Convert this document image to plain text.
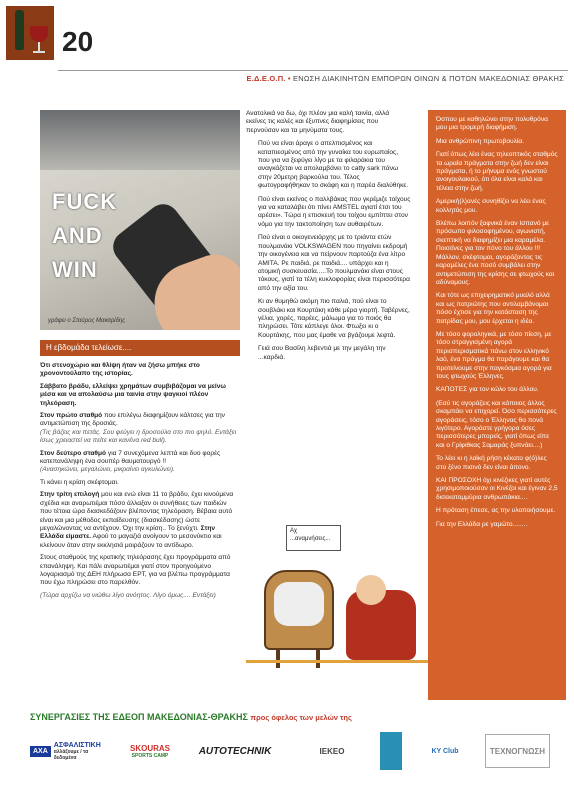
20
Ε.Δ.Ε.Ο.Π. • ΕΝΩΣΗ ΔΙΑΚΙΝΗΤΩΝ ΕΜΠΟΡΩΝ ΟΙΝΩΝ & ΠΟΤΩΝ ΜΑΚΕΔΟΝΙΑΣ ΘΡΑΚΗΣ
FUCK
AND
WIN
γράφει ο Σταύρος Μακαρίδης
Η εβδομάδα τελείωσε....

Ότι στενοχώριο και θλίψη ήταν να ζήσω μπήκε στο χρονοντούλαπο της ιστορίας.

Σάββατο βράδυ, ελλείψει χρημάτων συμβιβάζομαι να μείνω μέσα και να απολαύσω μια ταινία στην ψαγκιοί πλέον τηλεόραση.

Στον πρώτο σταθμό που επιλέγω διαφημίζουν κάλτσες για την αντιμετώπιση της δροσιάς.
(Τις βάζεις και πετάς. Σου φεύγει η δροσούλα στο πιο ψηλό. Εντάξει ίσως χρειαστεί να πείτε και κανένα red bull).

Στον δεύτερο σταθμό για 7 συνεχόμενα λεπτά και δυο φορές κατεπανάληψη ένα σουπέρ θαυματουργό !!
(Ανασηκώνει, μεγαλώνει, μικραίνει αγκυλώνει).

Τι κάνει η κρίση σκέφτομαι.

Στην τρίτη επιλογή μου και ενώ είναι 11 το βράδυ, έχει κινούμενα σχέδια και αναρωτιέμαι πόσο άλλαξαν οι συνήθειες των παιδιών που τέτοια ώρα διασκεδάζουν βλέποντας τηλεόραση. Βέβαια αυτό είναι και μια μέθοδος εκπαίδευσης (διασκέδασης) ώστε μεγαλώνοντας να αντέχουν. Όχι την κρίση.. Το ξενύχτι. Στην Ελλάδα είμαστε. Αφού το μαγαζιά ανοίγουν το μεσονύκτιο και κλείνουν όταν στην εκκλησιά μοιράζουν το αντίδωρο.

Στους σταθμούς της κρατικής τηλεόρασης έχει προγράμματα από επανάληψη. Και πάλι αναρωτιέμαι γιατί στον προηγούμενο λογαριασμό της ΔΕΗ πλήρωσα ΕΡΤ, για να βλέπω προγράμματα που έχω πληρώσει στο παρελθόν.

(Τώρα αρχίζω να νιώθω λίγο ανόητος. Λίγο όμως.... Εντάξει)

Ανατολικά να δω, όχι πλέον μια καλή ταινία, αλλά εκείνες τις καλές και έξυπνες διαφημίσεις που περνούσαν και τα μηνύματα τους.

Πού να είναι άραγε ο απελπισμένος και καταπιεσμένος από την γυναίκα του ευρωπαίος, που για να ξεφύγει λίγο με τα φιλαράκια του αναγκάζεται να απολαμβάνει το catty sark πάνω στην 20μετρη βαρκούλα του. Τέλος φωτογραφήθηκαν το σκάφη και η παρέα διαλύθηκε.

Πού είναι εκείνος ο παλλβάκας που γκρέμιζε τοίχους για να καταλάβει ότι πίνει AMSTEL αγιατί έτσι του αρέσει». Τώρα η επισκευή του τοίχου εμπίπτει στον νόμο για την τακτοποίηση των αυθαιρέτων.

Πού είναι ο οικογενειάρχης με το τριάντα ετών πουλμανάκι VOLKSWAGEN που πηγαίνει εκδρομή την οικογένεια και να πείρνουν παρτούζα ένα λίτρο AMITA. Ρε παιδιά, ρε παιδιά.... υπάρχει και η ατομική συσκευασία.....Το πουλμανάκι είναι στους τόκους, γιατί τα τέλη κυκλοφορίας είναι περισσότερα από την αξία του.

Κι αν θυμηθώ ακόμη πιο παλιά, πού είναι το σουβλάκι και Κουρτάκη κάθε μέρα γιορτή. Ταβέρνες, γέλια, χορές, παρέες, μάλωμα για το ποιός θα πληρώσει. Τότε κάπλεγε όλοι. Φτωξει κι ο Κουρτάκης, που μας έμαθε να βγάζουμε λεφτά.

Γειά σου Βασίλη λεβεντιά με την μεγάλη την ...καρδιά.

Αχ ...αναμνήσεις...

Όσπου με καθηλώνει στην πολυθρόνα μου μια τρομερή διαφήμιση.

Μια ανθρώπινη πρωτοβουλία.

Γιατί όπως λέει ένας τηλεοπτικός σταθμός τα ωραία πράγματα στην ζωή δεν είναι πράγματα, ή το μήνυμα ενός γνωστού ανοιγουλακιού, ότι όλα είναι καλά και τέλεια στην ζωή.

Αμερική(λ)ανές συνηθίζει να λέει ένας κολλητός μου.

Βλέπω λοιπόν ξαφνικά έναν Ισπανό με πρόσωπο φιλοσοφημένου, αγωνιστή, σκεπτική να διαφημίζει μια καραμέλα. Ποιοτίνες για τον πόνο του άλλου !!! Μάλλον, σκέφτομαι, αγοράζοντας τις καραμέλες ένα ποσό συμβάλει στην αντιμετώπιση της κρίσης σε φτωχούς και αδύναμους.

Και τότε ως επιχειρηματικό μυαλό αλλά και ως πατριώτης που αντιλαμβάνομαι πόσο έχτισε για την κατάσταση της πατρίδας μου, μου έρχεται η ιδέα.

Με τόσο φοροληγικά, με τόσο πίεση, με τόσο στραγγισμένη αγορά περισπερισματικά πάνω στον ελληνικό λαό, ένα πράγμα θα παράγουμε και θα προτείνουμε στην παγκόσμια αγορά για τους φτωχούς Έλληνες.

ΚΑΠΟΤΕΣ για τον κώλο του άλλου.

(Εσύ τις αγοράζεις και κάποιος άλλος σκαμπάει να επιχορεί. Όσο περισσότερες αγοράσεις, τόσο ο Έλληνας θα πονά λιγότερο. Αγοράστε γρήγορα όσες περισσότερες μπορείς, γιατί όπως είπε και ο Γρίφιθκας Σαμαράς ξυπνάει....)

Το λέει κι η λαϊκή ρήση κέκατο φ(ό)λες στο ξένο πισινό δεν είναι άπονο.

ΚΑΙ ΠΡΟΣΟΧΗ όχι κινέζικες γιατί αυτές χρησιμοποιούσαν οι Κινέζοι και έγιναν 2,5 δισεκατομμύρια ανθρωπάκια....

Η πρόταση έπεσε, ας την υλοποιήσουμε.

Για την Ελλάδα ρε γαμώτο........

ΣΥΝΕΡΓΑΣΙΕΣ ΤΗΣ ΕΔΕΟΠ ΜΑΚΕΔΟΝΙΑΣ-ΘΡΑΚΗΣ προς όφελος των μελών της
AXA
ΑΣΦΑΛΙΣΤΙΚΗ
αλλάζουμε / τα δεδομένα
SKOURAS
SPORTS CAMP	AUTOTECHNIK	ΙΕΚΕΟ	KY Club	ΤΕΧΝΟΓΝΩΣΗ
